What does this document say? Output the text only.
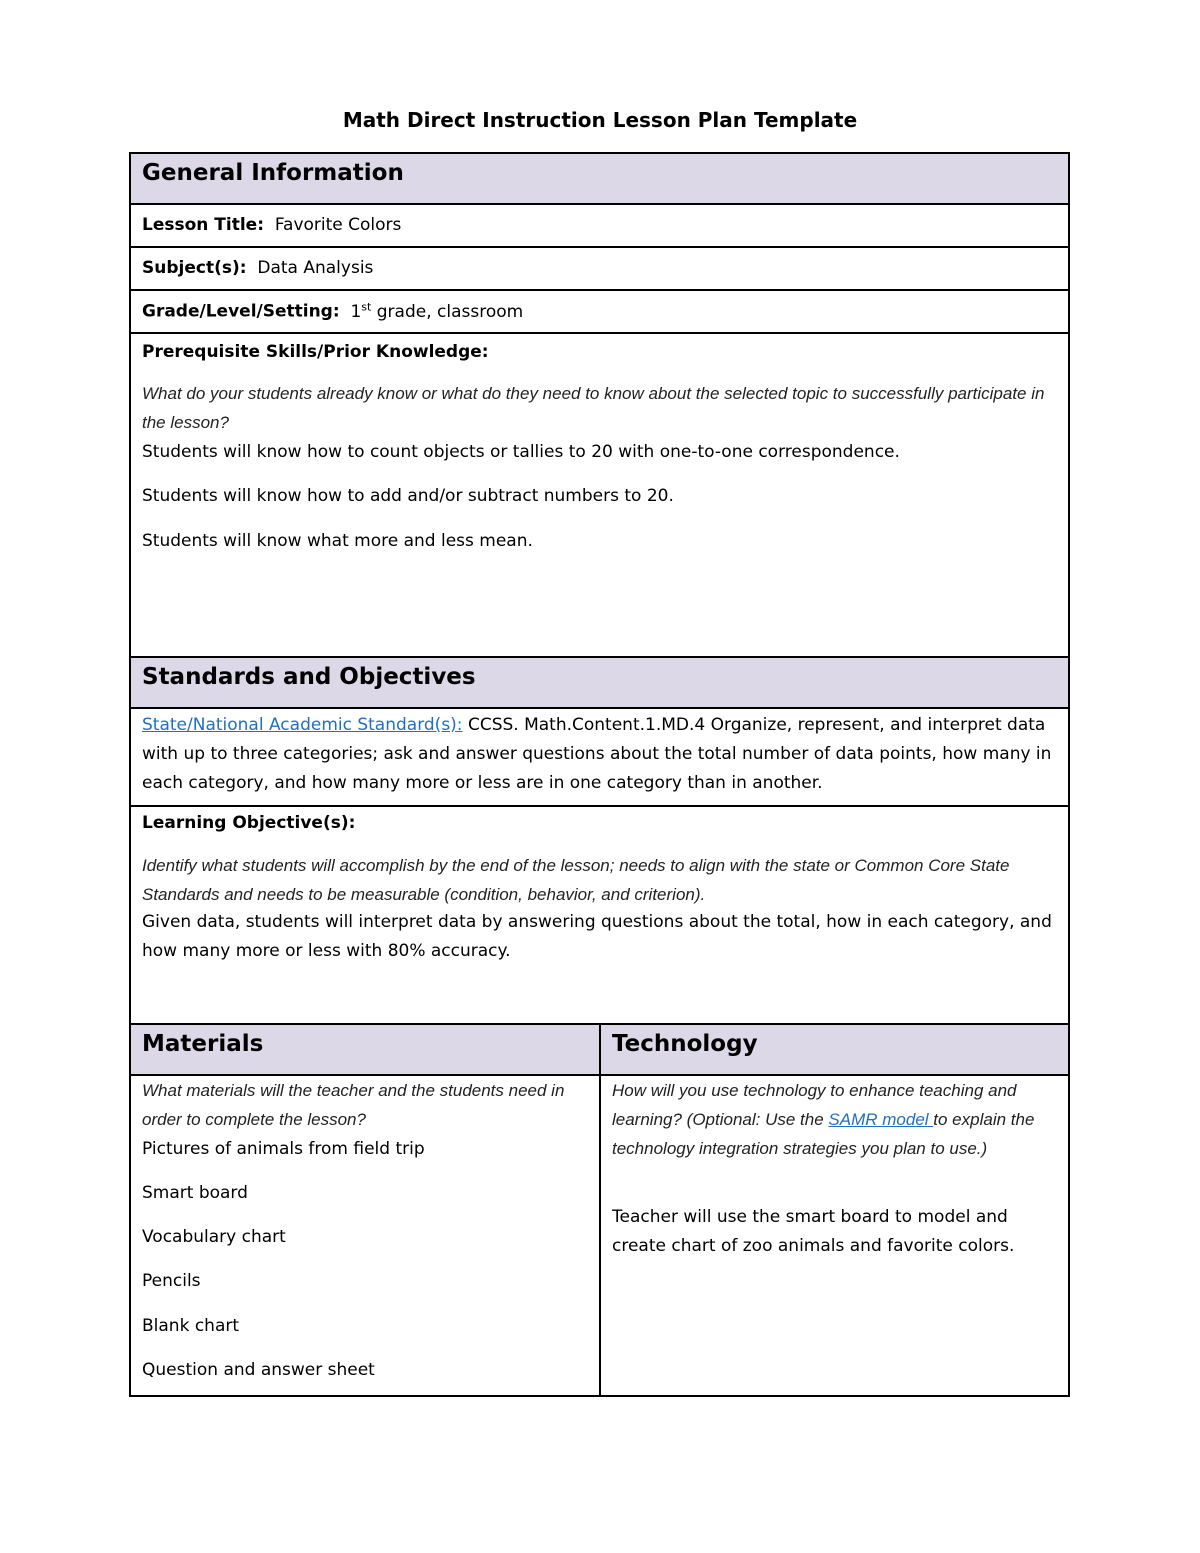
Math Direct Instruction Lesson Plan Template
General Information
Lesson Title: Favorite Colors
Subject(s): Data Analysis
Grade/Level/Setting: 1st grade, classroom
Prerequisite Skills/Prior Knowledge:
What do your students already know or what do they need to know about the selected topic to successfully participate in the lesson?
Students will know how to count objects or tallies to 20 with one-to-one correspondence.
Students will know how to add and/or subtract numbers to 20.
Students will know what more and less mean.
Standards and Objectives
State/National Academic Standard(s): CCSS. Math.Content.1.MD.4 Organize, represent, and interpret data with up to three categories; ask and answer questions about the total number of data points, how many in each category, and how many more or less are in one category than in another.
Learning Objective(s):
Identify what students will accomplish by the end of the lesson; needs to align with the state or Common Core State Standards and needs to be measurable (condition, behavior, and criterion).
Given data, students will interpret data by answering questions about the total, how in each category, and how many more or less with 80% accuracy.
Materials	Technology
What materials will the teacher and the students need in order to complete the lesson?
Pictures of animals from field trip
Smart board
Vocabulary chart
Pencils
Blank chart
Question and answer sheet
How will you use technology to enhance teaching and learning? (Optional: Use the SAMR model to explain the technology integration strategies you plan to use.)
Teacher will use the smart board to model and create chart of zoo animals and favorite colors.
